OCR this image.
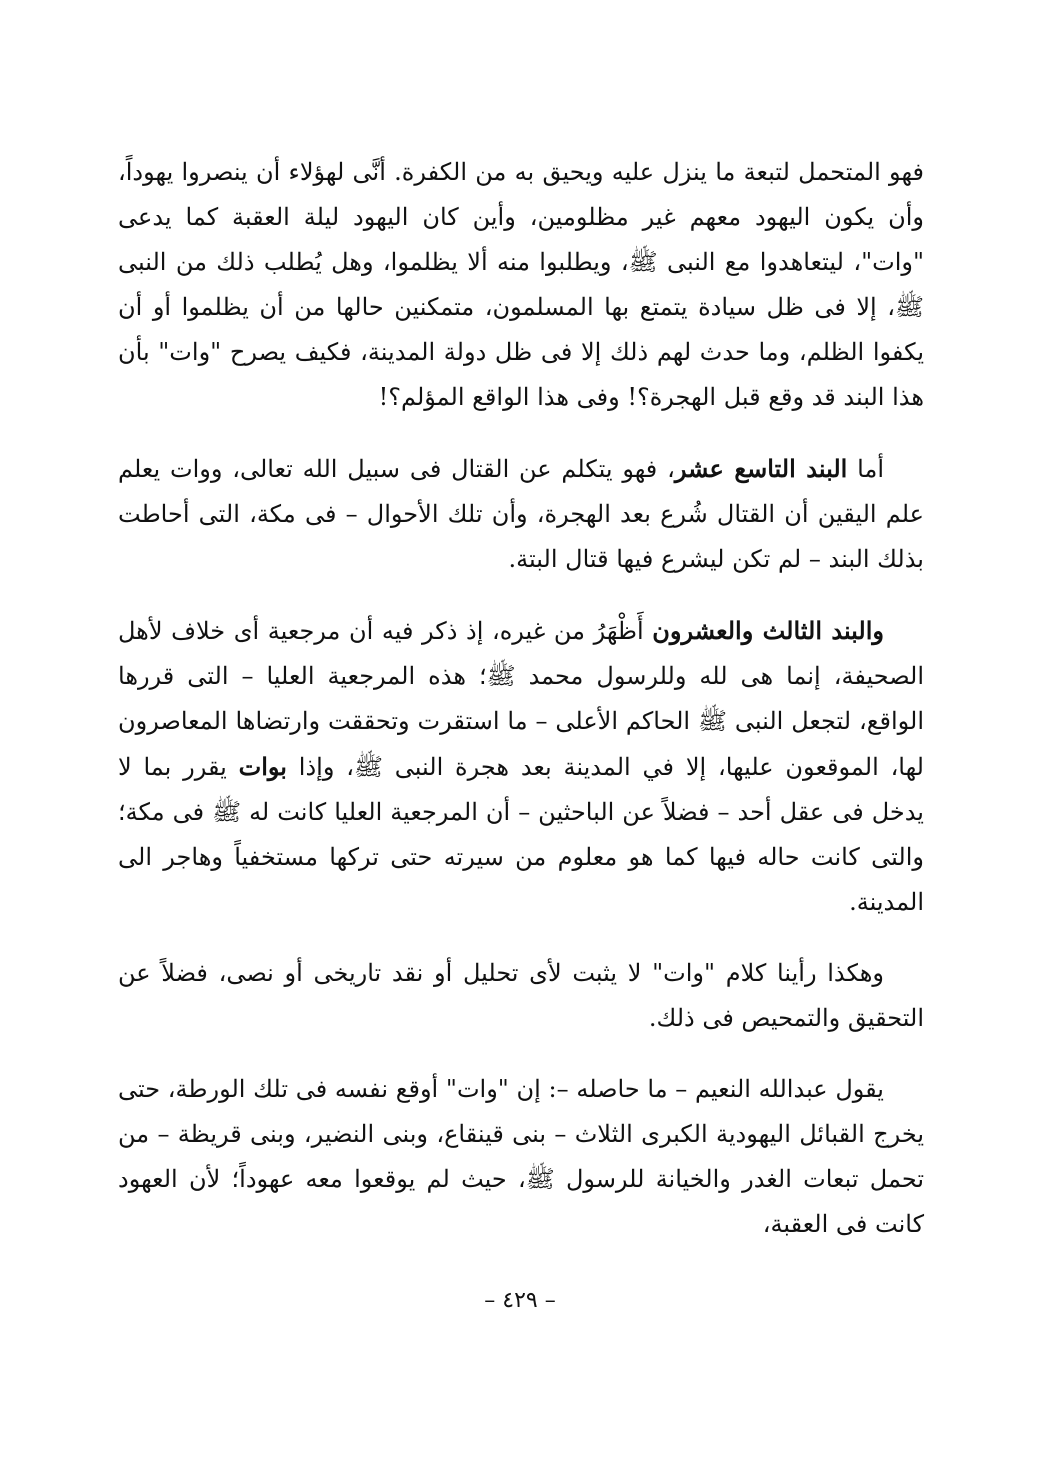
فهو المتحمل لتبعة ما ينزل عليه ويحيق به من الكفرة. أنَّى لهؤلاء أن ينصروا يهوداً، وأن يكون اليهود معهم غير مظلومين، وأين كان اليهود ليلة العقبة كما يدعى "وات"، ليتعاهدوا مع النبى ﷺ، ويطلبوا منه ألا يظلموا، وهل يُطلب ذلك من النبى ﷺ، إلا فى ظل سيادة يتمتع بها المسلمون، متمكنين حالها من أن يظلموا أو أن يكفوا الظلم، وما حدث لهم ذلك إلا فى ظل دولة المدينة، فكيف يصرح "وات" بأن هذا البند قد وقع قبل الهجرة؟! وفى هذا الواقع المؤلم؟!

أما البند التاسع عشر، فهو يتكلم عن القتال فى سبيل الله تعالى، ووات يعلم علم اليقين أن القتال شُرع بعد الهجرة، وأن تلك الأحوال – فى مكة، التى أحاطت بذلك البند – لم تكن ليشرع فيها قتال البتة.

والبند الثالث والعشرون أَظْهَرُ من غيره، إذ ذكر فيه أن مرجعية أى خلاف لأهل الصحيفة، إنما هى لله وللرسول محمد ﷺ؛ هذه المرجعية العليا – التى قررها الواقع، لتجعل النبى ﷺ الحاكم الأعلى – ما استقرت وتحققت وارتضاها المعاصرون لها، الموقعون عليها، إلا في المدينة بعد هجرة النبى ﷺ، وإذا بوات يقرر بما لا يدخل فى عقل أحد – فضلاً عن الباحثين – أن المرجعية العليا كانت له ﷺ فى مكة؛ والتى كانت حاله فيها كما هو معلوم من سيرته حتى تركها مستخفياً وهاجر الى المدينة.

وهكذا رأينا كلام "وات" لا يثبت لأى تحليل أو نقد تاريخى أو نصى، فضلاً عن التحقيق والتمحيص فى ذلك.

يقول عبدالله النعيم – ما حاصله –: إن "وات" أوقع نفسه فى تلك الورطة، حتى يخرج القبائل اليهودية الكبرى الثلاث – بنى قينقاع، وبنى النضير، وبنى قريظة – من تحمل تبعات الغدر والخيانة للرسول ﷺ، حيث لم يوقعوا معه عهوداً؛ لأن العهود كانت فى العقبة،

– ٤٢٩ –
